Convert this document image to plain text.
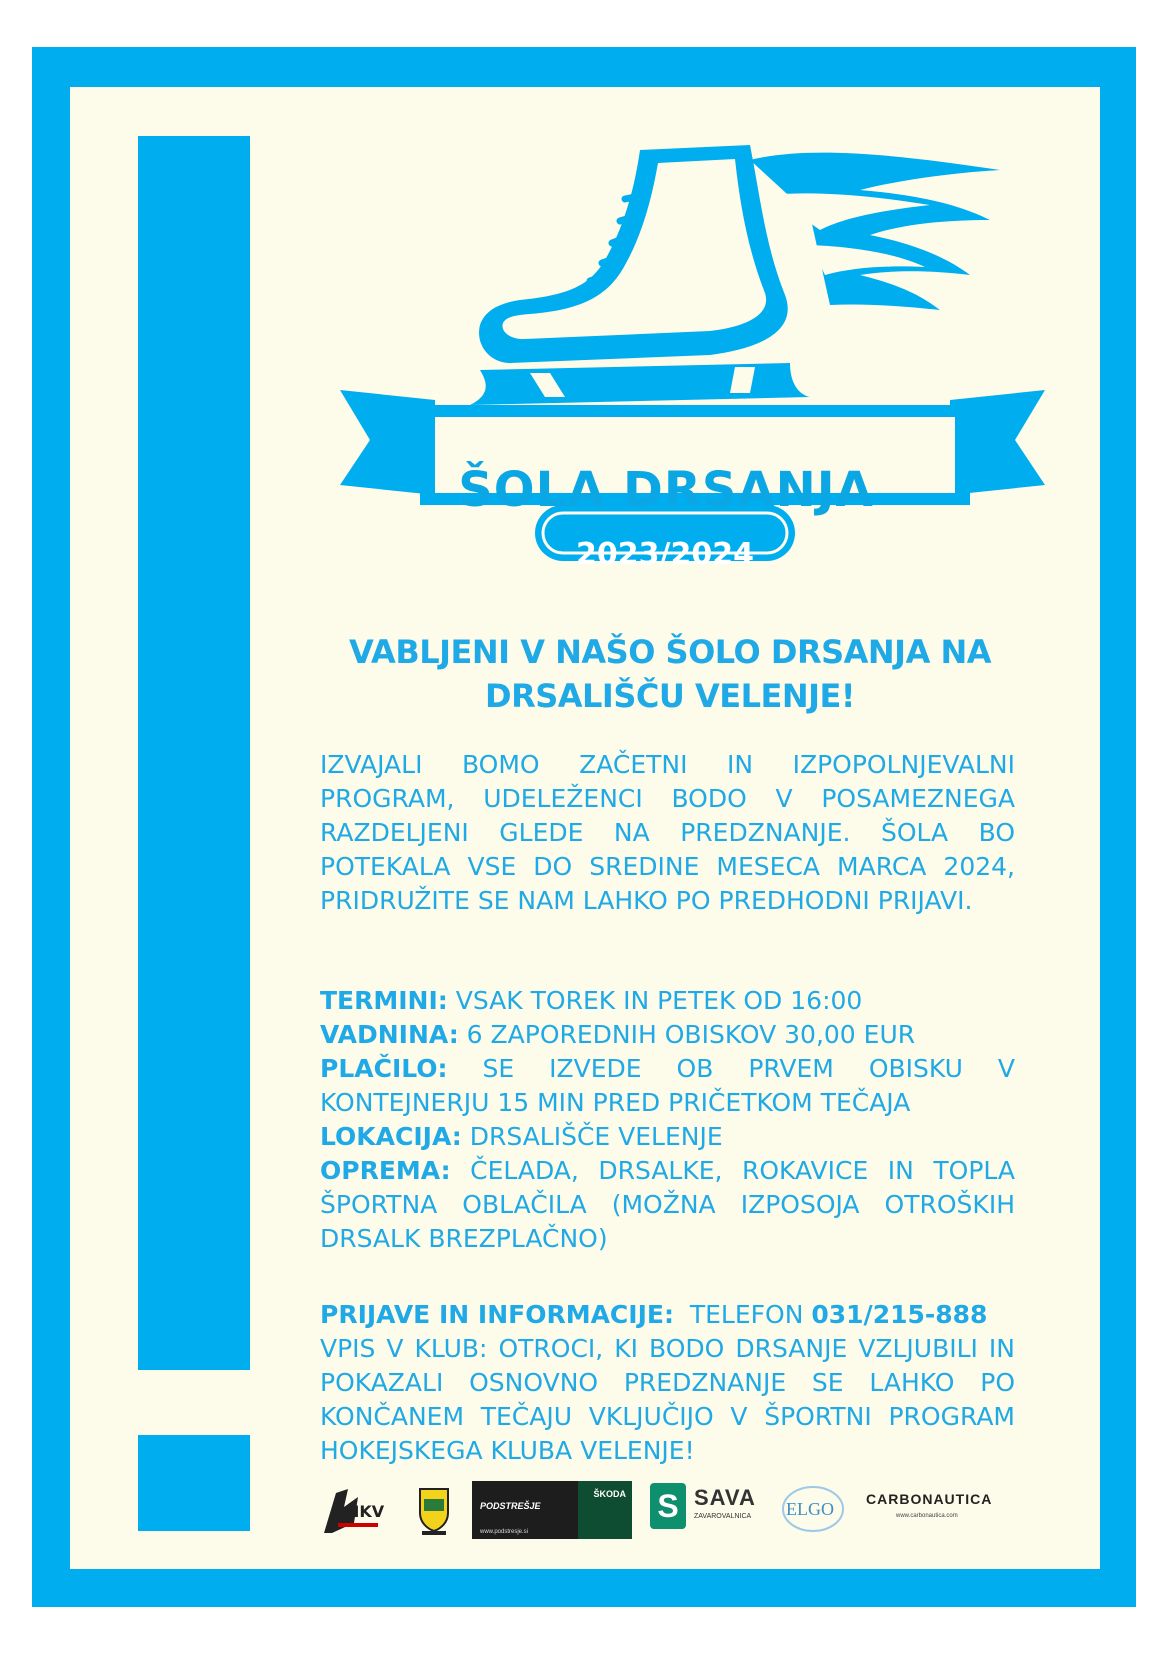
ŠOLA DRSANJA
2023/2024
VABLJENI V NAŠO ŠOLO DRSANJA NA
DRSALIŠČU VELENJE!
IZVAJALI BOMO ZAČETNI IN IZPOPOLNJEVALNI PROGRAM, UDELEŽENCI BODO V POSAMEZNEGA RAZDELJENI GLEDE NA PREDZNANJE. ŠOLA BO POTEKALA VSE DO SREDINE MESECA MARCA 2024, PRIDRUŽITE SE NAM LAHKO PO PREDHODNI PRIJAVI.

TERMINI: VSAK TOREK IN PETEK OD 16:00

VADNINA: 6 ZAPOREDNIH OBISKOV 30,00 EUR

PLAČILO: SE IZVEDE OB PRVEM OBISKU V KONTEJNERJU 15 MIN PRED PRIČETKOM TEČAJA

LOKACIJA: DRSALIŠČE VELENJE

OPREMA: ČELADA, DRSALKE, ROKAVICE IN TOPLA ŠPORTNA OBLAČILA (MOŽNA IZPOSOJA OTROŠKIH DRSALK BREZPLAČNO)

PRIJAVE IN INFORMACIJE: TELEFON 031/215-888

VPIS V KLUB: OTROCI, KI BODO DRSANJE VZLJUBILI IN POKAZALI OSNOVNO PREDZNANJE SE LAHKO PO KONČANEM TEČAJU VKLJUČIJO V ŠPORTNI PROGRAM HOKEJSKEGA KLUBA VELENJE!

HKV	PODSTREŠJE
ŠKODA
www.podstresje.si
S SAVA
ZAVAROVALNICA ELGO CARBONAUTICA
www.carbonautica.com
